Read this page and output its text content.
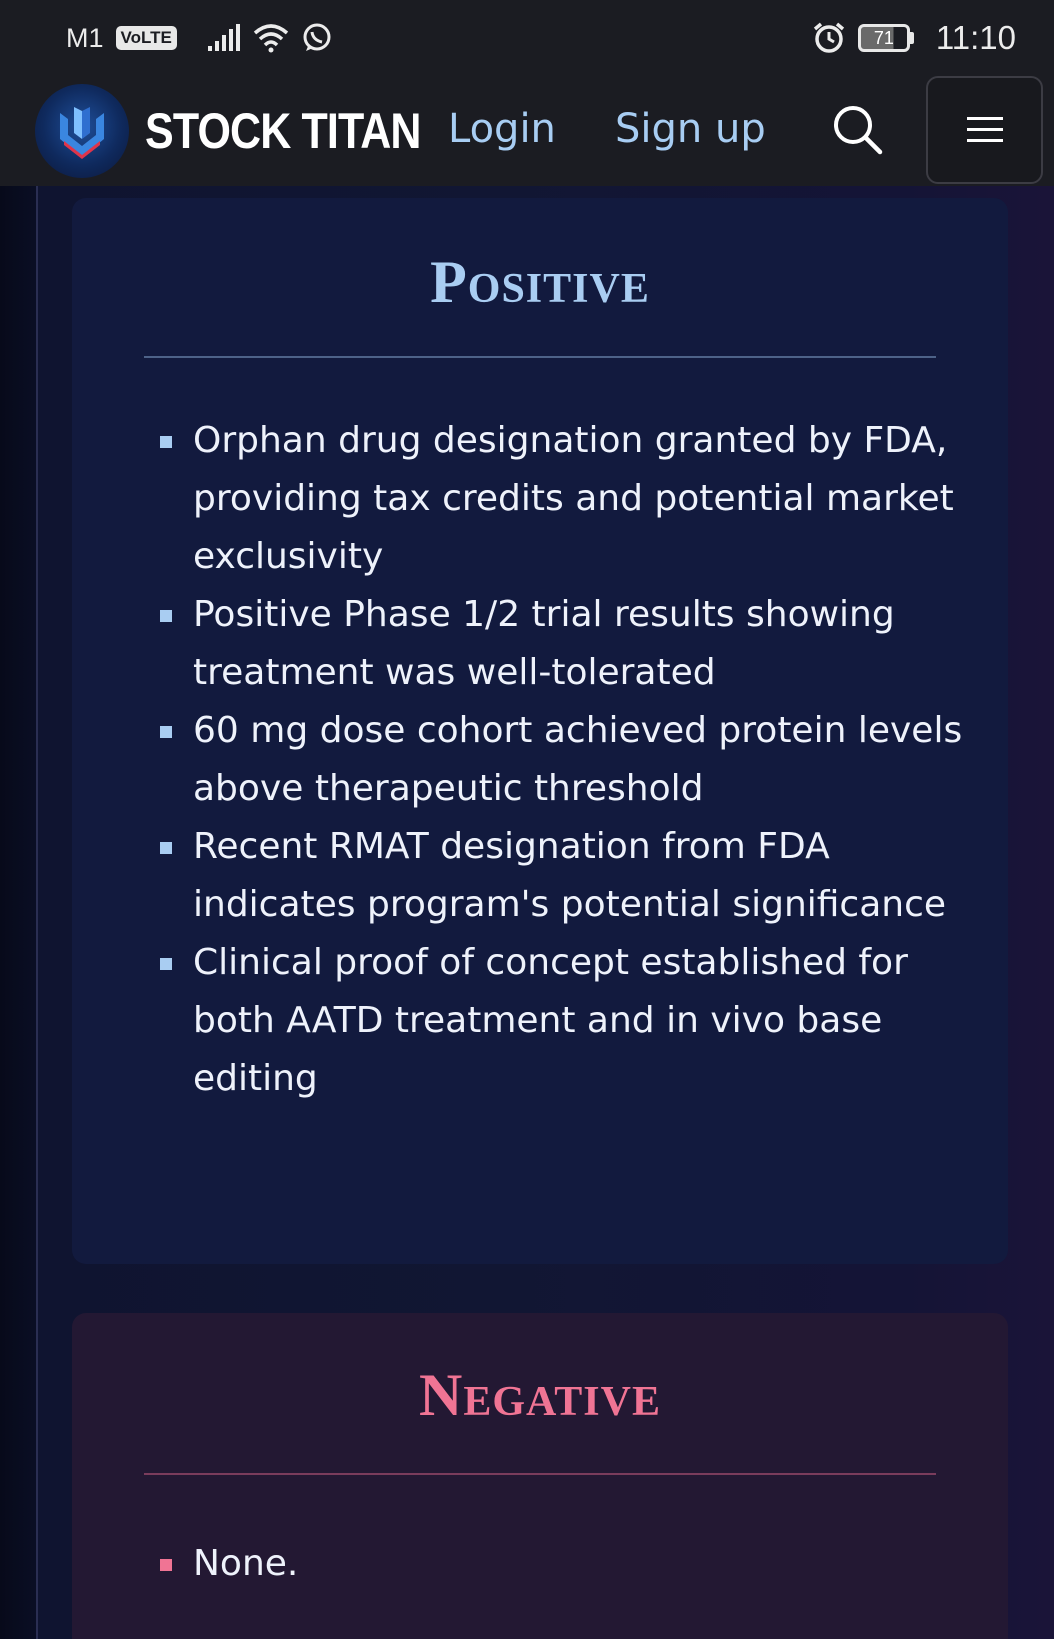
M1 VoLTE	71	11:10
STOCK TITAN Login Sign up
Positive
Orphan drug designation granted by FDA, providing tax credits and potential market exclusivity
Positive Phase 1/2 trial results showing treatment was well-tolerated
60 mg dose cohort achieved protein levels above therapeutic threshold
Recent RMAT designation from FDA indicates program's potential significance
Clinical proof of concept established for both AATD treatment and in vivo base editing
Negative
None.
